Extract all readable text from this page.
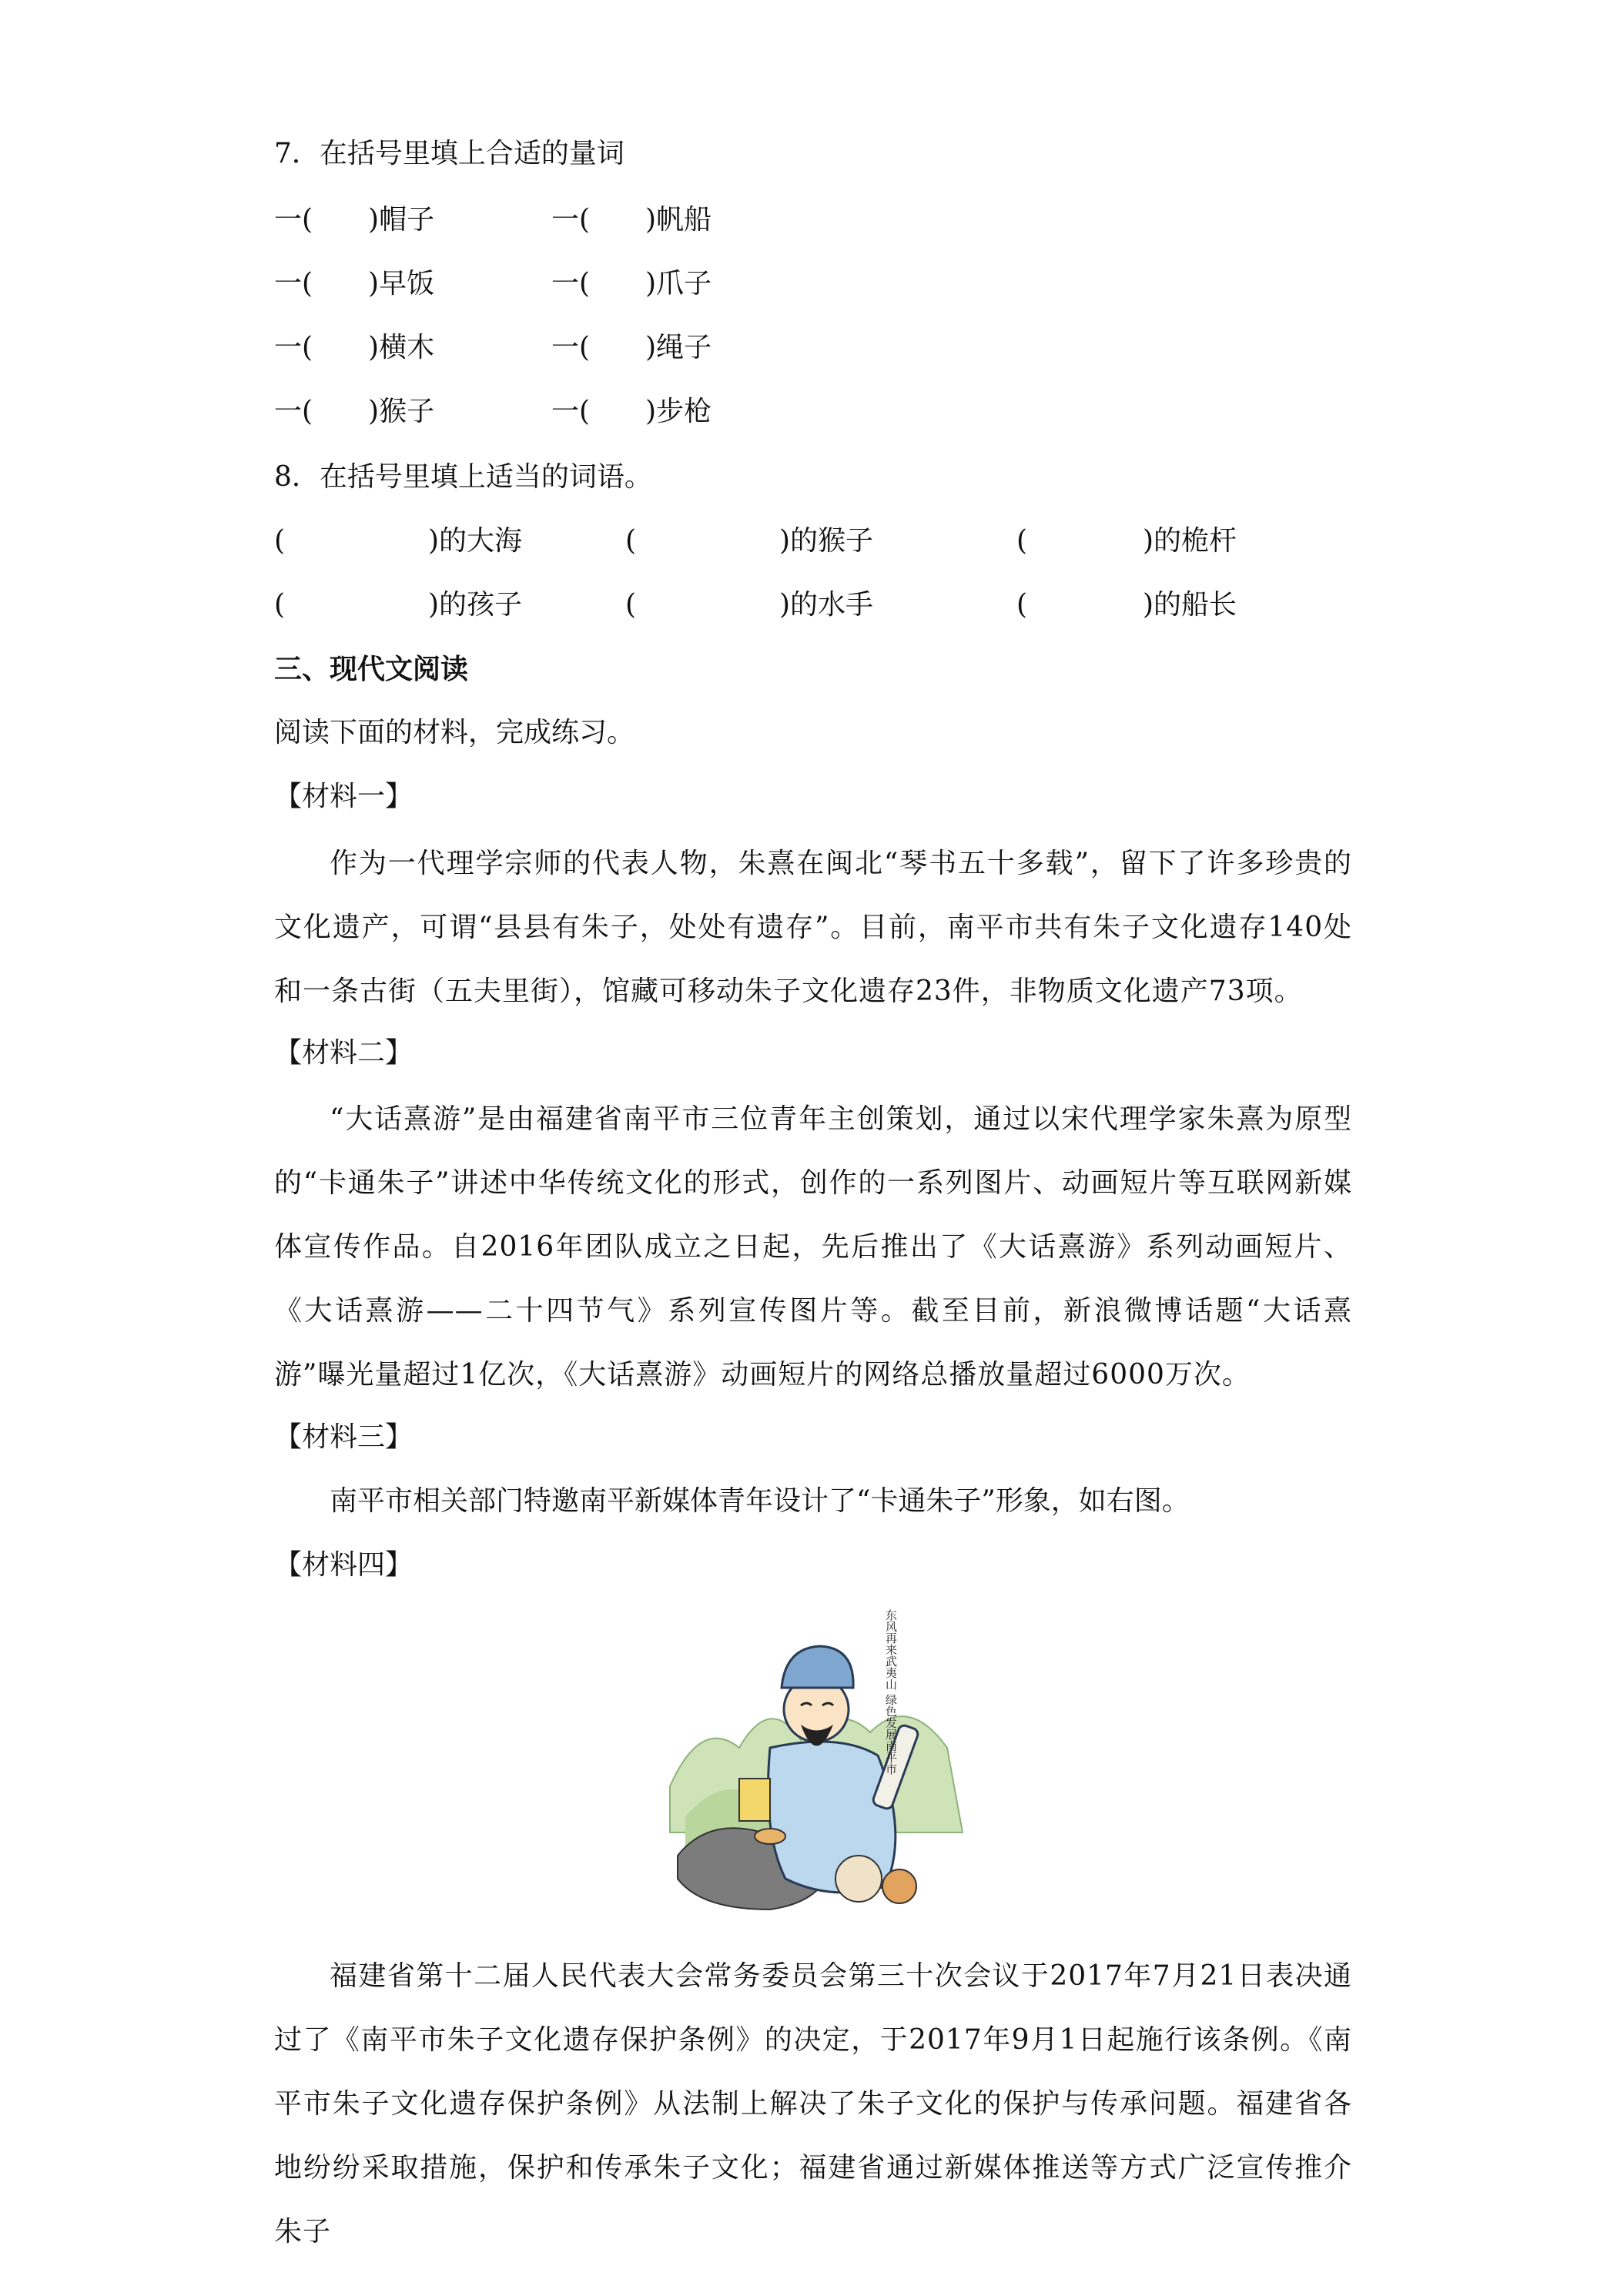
7．在括号里填上合适的量词
一(　　)帽子	一(　　)帆船
一(　　)早饭	一(　　)爪子
一(　　)横木	一(　　)绳子
一(　　)猴子	一(　　)步枪
8．在括号里填上适当的词语。
(	)的大海	(	)的猴子	(	)的桅杆
(	)的孩子	(	)的水手	(	)的船长
三、现代文阅读
阅读下面的材料，完成练习。
【材料一】
作为一代理学宗师的代表人物，朱熹在闽北“琴书五十多载”，留下了许多珍贵的文化遗产，可谓“县县有朱子，处处有遗存”。目前，南平市共有朱子文化遗存140处和一条古街（五夫里街），馆藏可移动朱子文化遗存23件，非物质文化遗产73项。
【材料二】
“大话熹游”是由福建省南平市三位青年主创策划，通过以宋代理学家朱熹为原型的“卡通朱子”讲述中华传统文化的形式，创作的一系列图片、动画短片等互联网新媒体宣传作品。自2016年团队成立之日起，先后推出了《大话熹游》系列动画短片、《大话熹游——二十四节气》系列宣传图片等。截至目前，新浪微博话题“大话熹游”曝光量超过1亿次，《大话熹游》动画短片的网络总播放量超过6000万次。
【材料三】
南平市相关部门特邀南平新媒体青年设计了“卡通朱子”形象，如右图。
【材料四】
东风再来武夷山 绿色发展南平市
福建省第十二届人民代表大会常务委员会第三十次会议于2017年7月21日表决通过了《南平市朱子文化遗存保护条例》的决定，于2017年9月1日起施行该条例。《南平市朱子文化遗存保护条例》从法制上解决了朱子文化的保护与传承问题。福建省各地纷纷采取措施，保护和传承朱子文化；福建省通过新媒体推送等方式广泛宣传推介朱子
